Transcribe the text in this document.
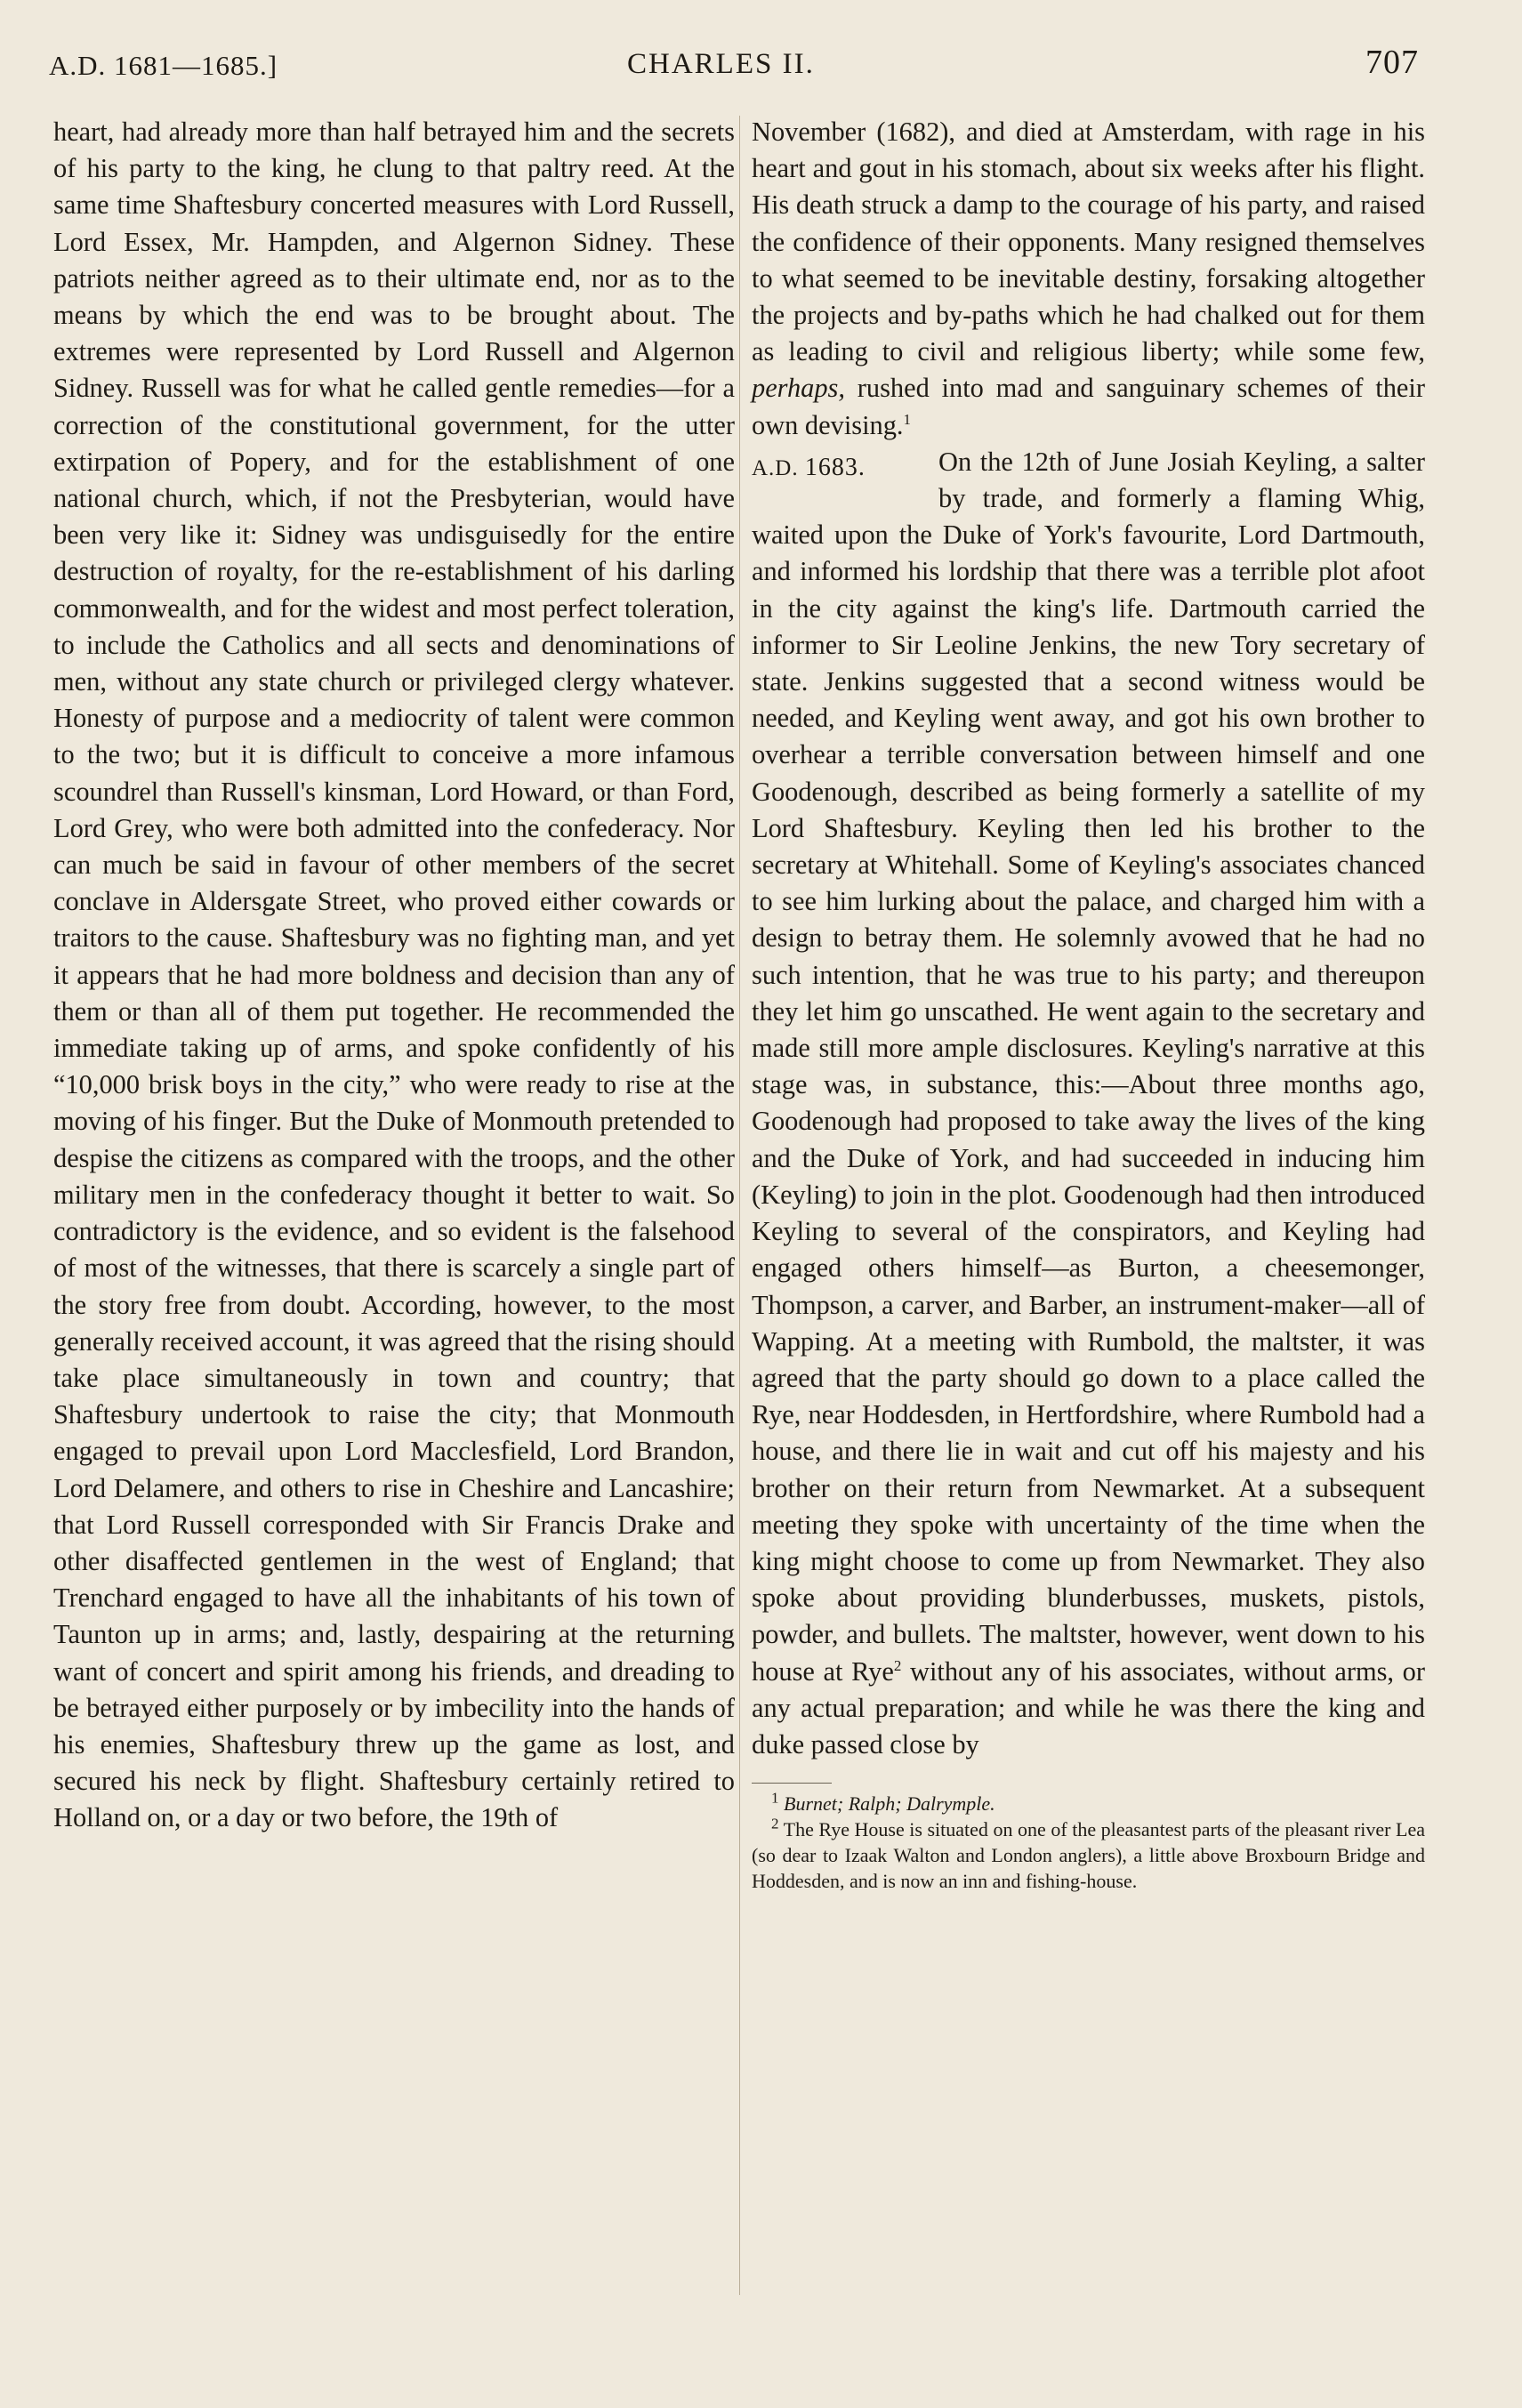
A.D. 1681—1685.]	CHARLES II.	707

heart, had already more than half betrayed him and the secrets of his party to the king, he clung to that paltry reed. At the same time Shaftesbury concerted measures with Lord Russell, Lord Essex, Mr. Hampden, and Algernon Sidney. These patriots neither agreed as to their ultimate end, nor as to the means by which the end was to be brought about. The extremes were represented by Lord Russell and Algernon Sidney. Russell was for what he called gentle remedies—for a correction of the constitutional government, for the utter extirpation of Popery, and for the establishment of one national church, which, if not the Presbyterian, would have been very like it: Sidney was undisguisedly for the entire destruction of royalty, for the re-establishment of his darling commonwealth, and for the widest and most perfect toleration, to include the Catholics and all sects and denominations of men, without any state church or privileged clergy whatever. Honesty of purpose and a mediocrity of talent were common to the two; but it is difficult to conceive a more infamous scoundrel than Russell's kinsman, Lord Howard, or than Ford, Lord Grey, who were both admitted into the confederacy. Nor can much be said in favour of other members of the secret conclave in Aldersgate Street, who proved either cowards or traitors to the cause. Shaftesbury was no fighting man, and yet it appears that he had more boldness and decision than any of them or than all of them put together. He recommended the immediate taking up of arms, and spoke confidently of his “10,000 brisk boys in the city,” who were ready to rise at the moving of his finger. But the Duke of Monmouth pretended to despise the citizens as compared with the troops, and the other military men in the confederacy thought it better to wait. So contradictory is the evidence, and so evident is the falsehood of most of the witnesses, that there is scarcely a single part of the story free from doubt. According, however, to the most generally received account, it was agreed that the rising should take place simultaneously in town and country; that Shaftesbury undertook to raise the city; that Monmouth engaged to prevail upon Lord Macclesfield, Lord Brandon, Lord Delamere, and others to rise in Cheshire and Lancashire; that Lord Russell corresponded with Sir Francis Drake and other disaffected gentlemen in the west of England; that Trenchard engaged to have all the inhabitants of his town of Taunton up in arms; and, lastly, despairing at the returning want of concert and spirit among his friends, and dreading to be betrayed either purposely or by imbecility into the hands of his enemies, Shaftesbury threw up the game as lost, and secured his neck by flight. Shaftesbury certainly retired to Holland on, or a day or two before, the 19th of

November (1682), and died at Amsterdam, with rage in his heart and gout in his stomach, about six weeks after his flight. His death struck a damp to the courage of his party, and raised the confidence of their opponents. Many resigned themselves to what seemed to be inevitable destiny, forsaking altogether the projects and by-paths which he had chalked out for them as leading to civil and religious liberty; while some few, perhaps, rushed into mad and sanguinary schemes of their own devising.$^1$

A.D. 1683.	On the 12th of June Josiah Keyling, a salter by trade, and formerly a flaming Whig, waited upon the Duke of York's favourite, Lord Dartmouth, and informed his lordship that there was a terrible plot afoot in the city against the king's life. Dartmouth carried the informer to Sir Leoline Jenkins, the new Tory secretary of state. Jenkins suggested that a second witness would be needed, and Keyling went away, and got his own brother to overhear a terrible conversation between himself and one Goodenough, described as being formerly a satellite of my Lord Shaftesbury. Keyling then led his brother to the secretary at Whitehall. Some of Keyling's associates chanced to see him lurking about the palace, and charged him with a design to betray them. He solemnly avowed that he had no such intention, that he was true to his party; and thereupon they let him go unscathed. He went again to the secretary and made still more ample disclosures. Keyling's narrative at this stage was, in substance, this:—About three months ago, Goodenough had proposed to take away the lives of the king and the Duke of York, and had succeeded in inducing him (Keyling) to join in the plot. Goodenough had then introduced Keyling to several of the conspirators, and Keyling had engaged others himself—as Burton, a cheesemonger, Thompson, a carver, and Barber, an instrument-maker—all of Wapping. At a meeting with Rumbold, the maltster, it was agreed that the party should go down to a place called the Rye, near Hoddesden, in Hertfordshire, where Rumbold had a house, and there lie in wait and cut off his majesty and his brother on their return from Newmarket. At a subsequent meeting they spoke with uncertainty of the time when the king might choose to come up from Newmarket. They also spoke about providing blunderbusses, muskets, pistols, powder, and bullets. The maltster, however, went down to his house at Rye$^2$ without any of his associates, without arms, or any actual preparation; and while he was there the king and duke passed close by

$^1$ Burnet; Ralph; Dalrymple.

$^2$ The Rye House is situated on one of the pleasantest parts of the pleasant river Lea (so dear to Izaak Walton and London anglers), a little above Broxbourn Bridge and Hoddesden, and is now an inn and fishing-house.
